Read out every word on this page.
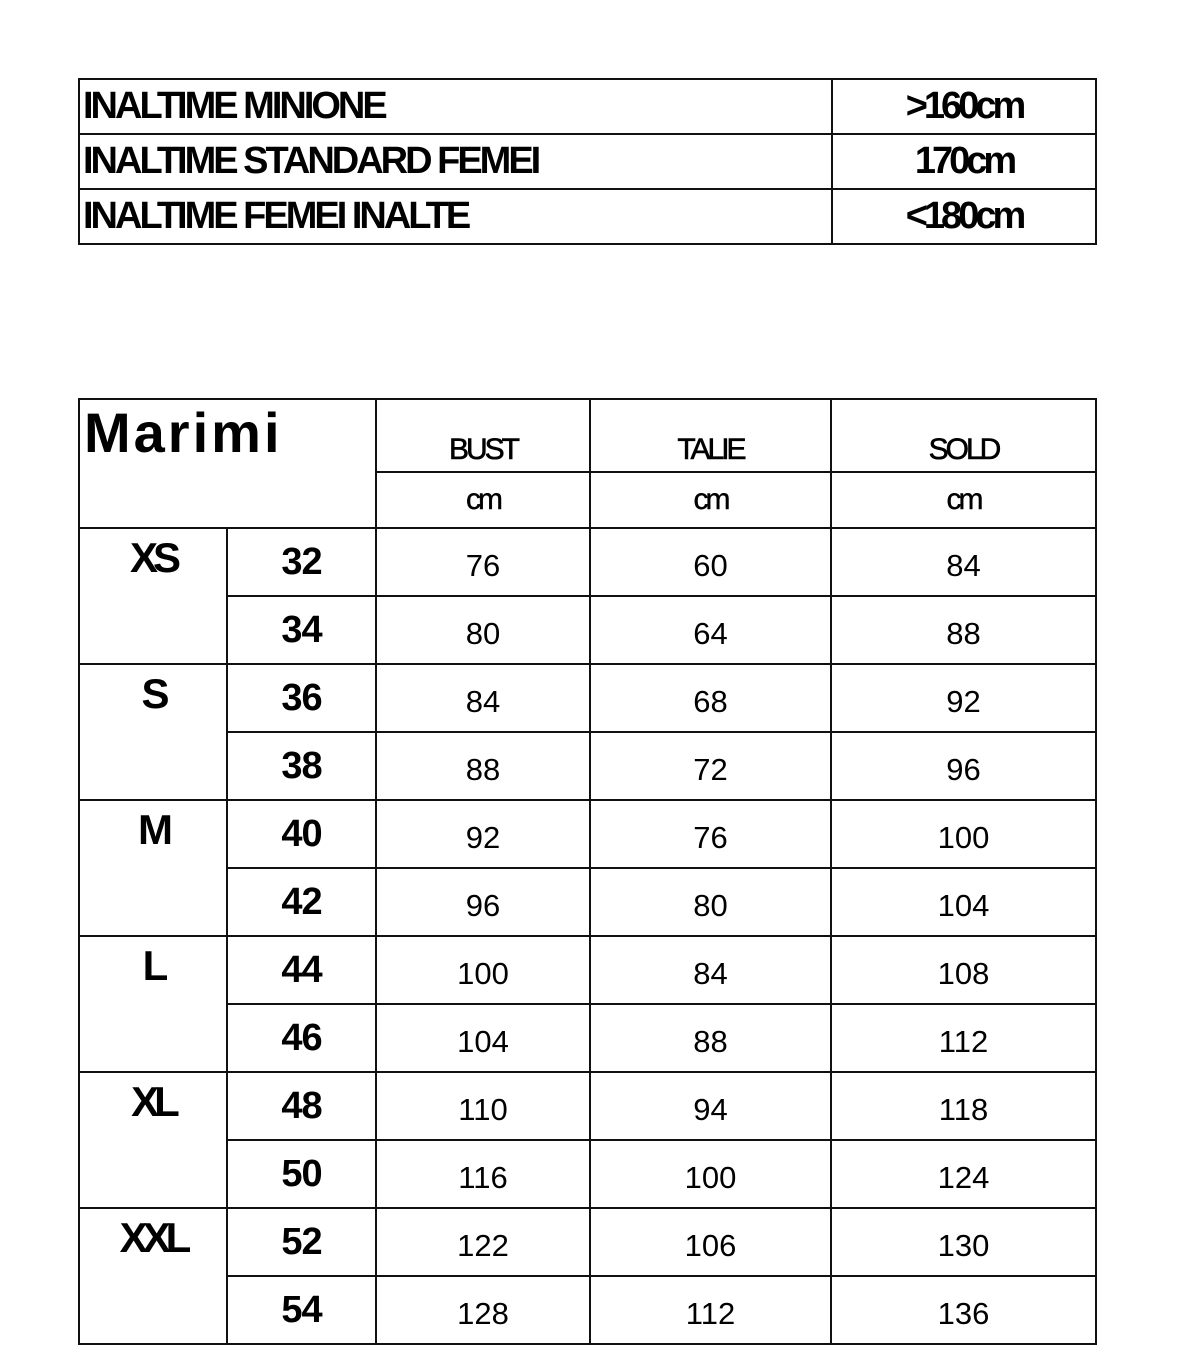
INALTIME MINIONE	>160cm
INALTIME STANDARD FEMEI	170cm
INALTIME FEMEI INALTE	<180cm
Marimi		BUST	TALIE	SOLD
		cm	cm	cm
XS	32	76	60	84
	34	80	64	88
S	36	84	68	92
	38	88	72	96
M	40	92	76	100
	42	96	80	104
L	44	100	84	108
	46	104	88	112
XL	48	110	94	118
	50	116	100	124
XXL	52	122	106	130
	54	128	112	136
